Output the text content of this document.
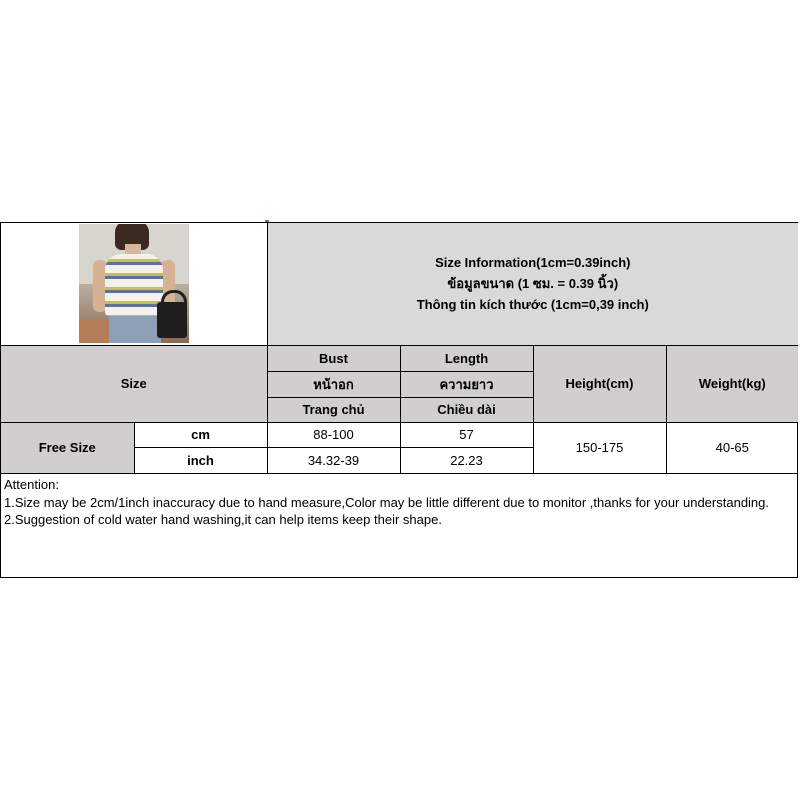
		Size Information(1cm=0.39inch)
ข้อมูลขนาด (1 ซม. = 0.39 นิ้ว)
Thông tin kích thước (1cm=0,39 inch)			

Size		Bust	Length	Height(cm)	Weight(kg)
		หน้าอก	ความยาว		
		Trang chủ	Chiều dài		
Free Size	cm	88-100	57	150-175	40-65
	inch	34.32-39	22.23		
Attention:
1.Size may be 2cm/1inch inaccuracy due to hand measure,Color may be little different due to monitor ,thanks for your understanding.
2.Suggestion of cold water hand washing,it can help items keep their shape.
